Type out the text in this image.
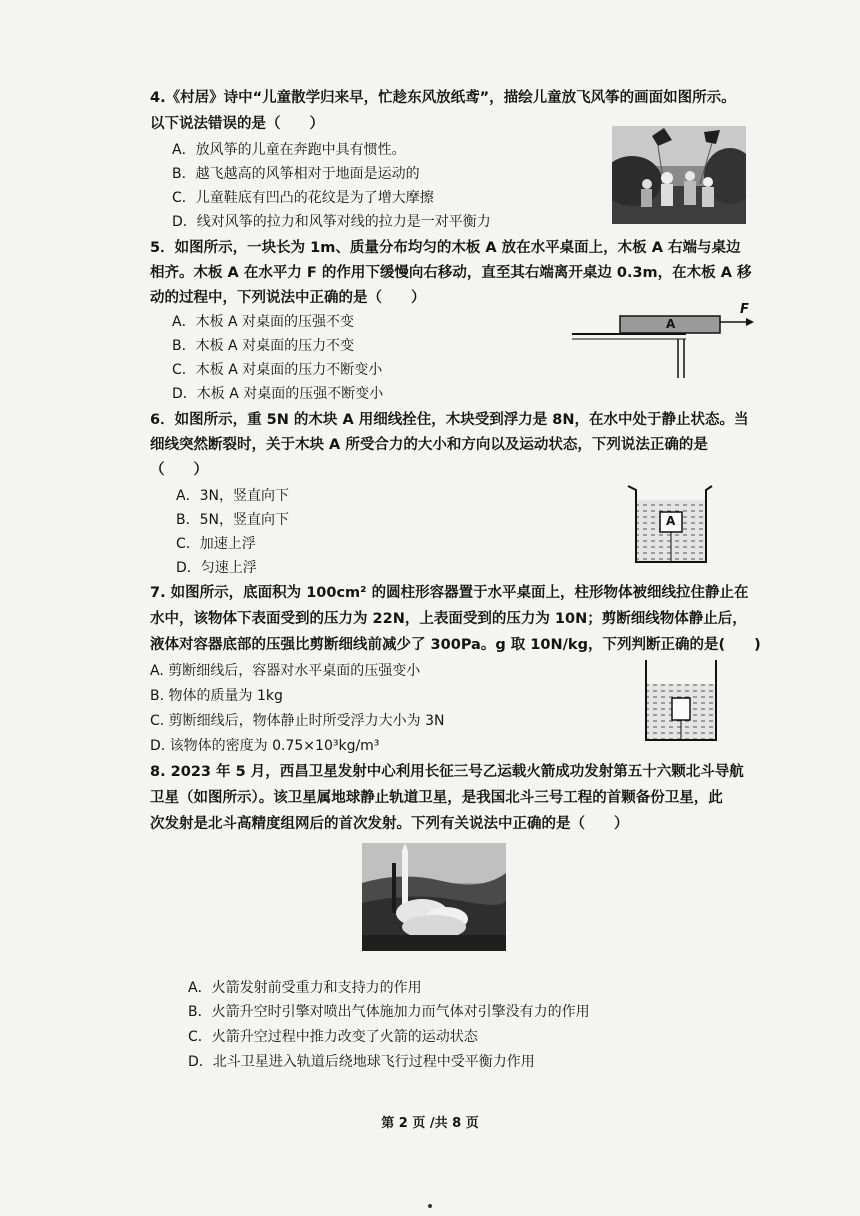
4.《村居》诗中“儿童散学归来早，忙趁东风放纸鸢”，描绘儿童放飞风筝的画面如图所示。
以下说法错误的是（　　）
A．放风筝的儿童在奔跑中具有惯性。
B．越飞越高的风筝相对于地面是运动的
C．儿童鞋底有凹凸的花纹是为了增大摩擦
D．线对风筝的拉力和风筝对线的拉力是一对平衡力
5．如图所示，一块长为 1m、质量分布均匀的木板 A 放在水平桌面上，木板 A 右端与桌边
相齐。木板 A 在水平力 F 的作用下缓慢向右移动，直至其右端离开桌边 0.3m，在木板 A 移
动的过程中，下列说法中正确的是（　　）
A．木板 A 对桌面的压强不变
B．木板 A 对桌面的压力不变
C．木板 A 对桌面的压力不断变小
D．木板 A 对桌面的压强不断变小
A
F
6．如图所示，重 5N 的木块 A 用细线拴住，木块受到浮力是 8N，在水中处于静止状态。当
细线突然断裂时，关于木块 A 所受合力的大小和方向以及运动状态，下列说法正确的是
（　　）
A．3N，竖直向下
B．5N，竖直向下
C．加速上浮
D．匀速上浮
A
7. 如图所示，底面积为 100cm² 的圆柱形容器置于水平桌面上，柱形物体被细线拉住静止在
水中，该物体下表面受到的压力为 22N，上表面受到的压力为 10N；剪断细线物体静止后，
液体对容器底部的压强比剪断细线前减少了 300Pa。g 取 10N/kg，下列判断正确的是(　　)
A. 剪断细线后，容器对水平桌面的压强变小
B. 物体的质量为 1kg
C. 剪断细线后，物体静止时所受浮力大小为 3N
D. 该物体的密度为 0.75×10³kg/m³
8. 2023 年 5 月，西昌卫星发射中心利用长征三号乙运载火箭成功发射第五十六颗北斗导航
卫星（如图所示）。该卫星属地球静止轨道卫星，是我国北斗三号工程的首颗备份卫星，此
次发射是北斗高精度组网后的首次发射。下列有关说法中正确的是（　　）
A．火箭发射前受重力和支持力的作用
B．火箭升空时引擎对喷出气体施加力而气体对引擎没有力的作用
C．火箭升空过程中推力改变了火箭的运动状态
D．北斗卫星进入轨道后绕地球飞行过程中受平衡力作用
第 2 页 /共 8 页
